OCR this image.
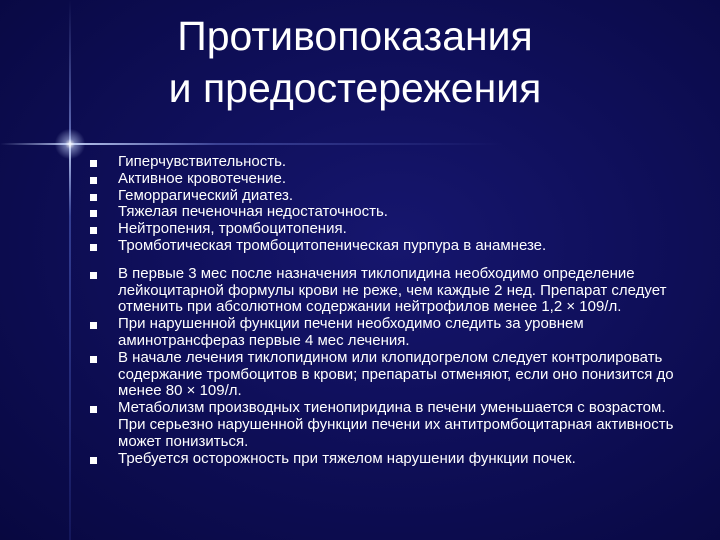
Противопоказания
и предостережения
Гиперчувствительность.
Активное кровотечение.
Геморрагический диатез.
Тяжелая печеночная недостаточность.
Нейтропения, тромбоцитопения.
Тромботическая тромбоцитопеническая пурпура в анамнезе.
В первые 3 мес после назначения тиклопидина необходимо определение лейкоцитарной формулы крови не реже, чем каждые 2 нед. Препарат следует отменить при абсолютном содержании нейтрофилов менее 1,2 × 109/л.
При нарушенной функции печени необходимо следить за уровнем аминотрансфераз первые 4 мес лечения.
В начале лечения тиклопидином или клопидогрелом следует контролировать содержание тромбоцитов в крови; препараты отменяют, если оно понизится до менее 80 × 109/л.
Метаболизм производных тиенопиридина в печени уменьшается с возрастом. При серьезно нарушенной функции печени их антитромбоцитарная активность может понизиться.
Требуется осторожность при тяжелом нарушении функции почек.
